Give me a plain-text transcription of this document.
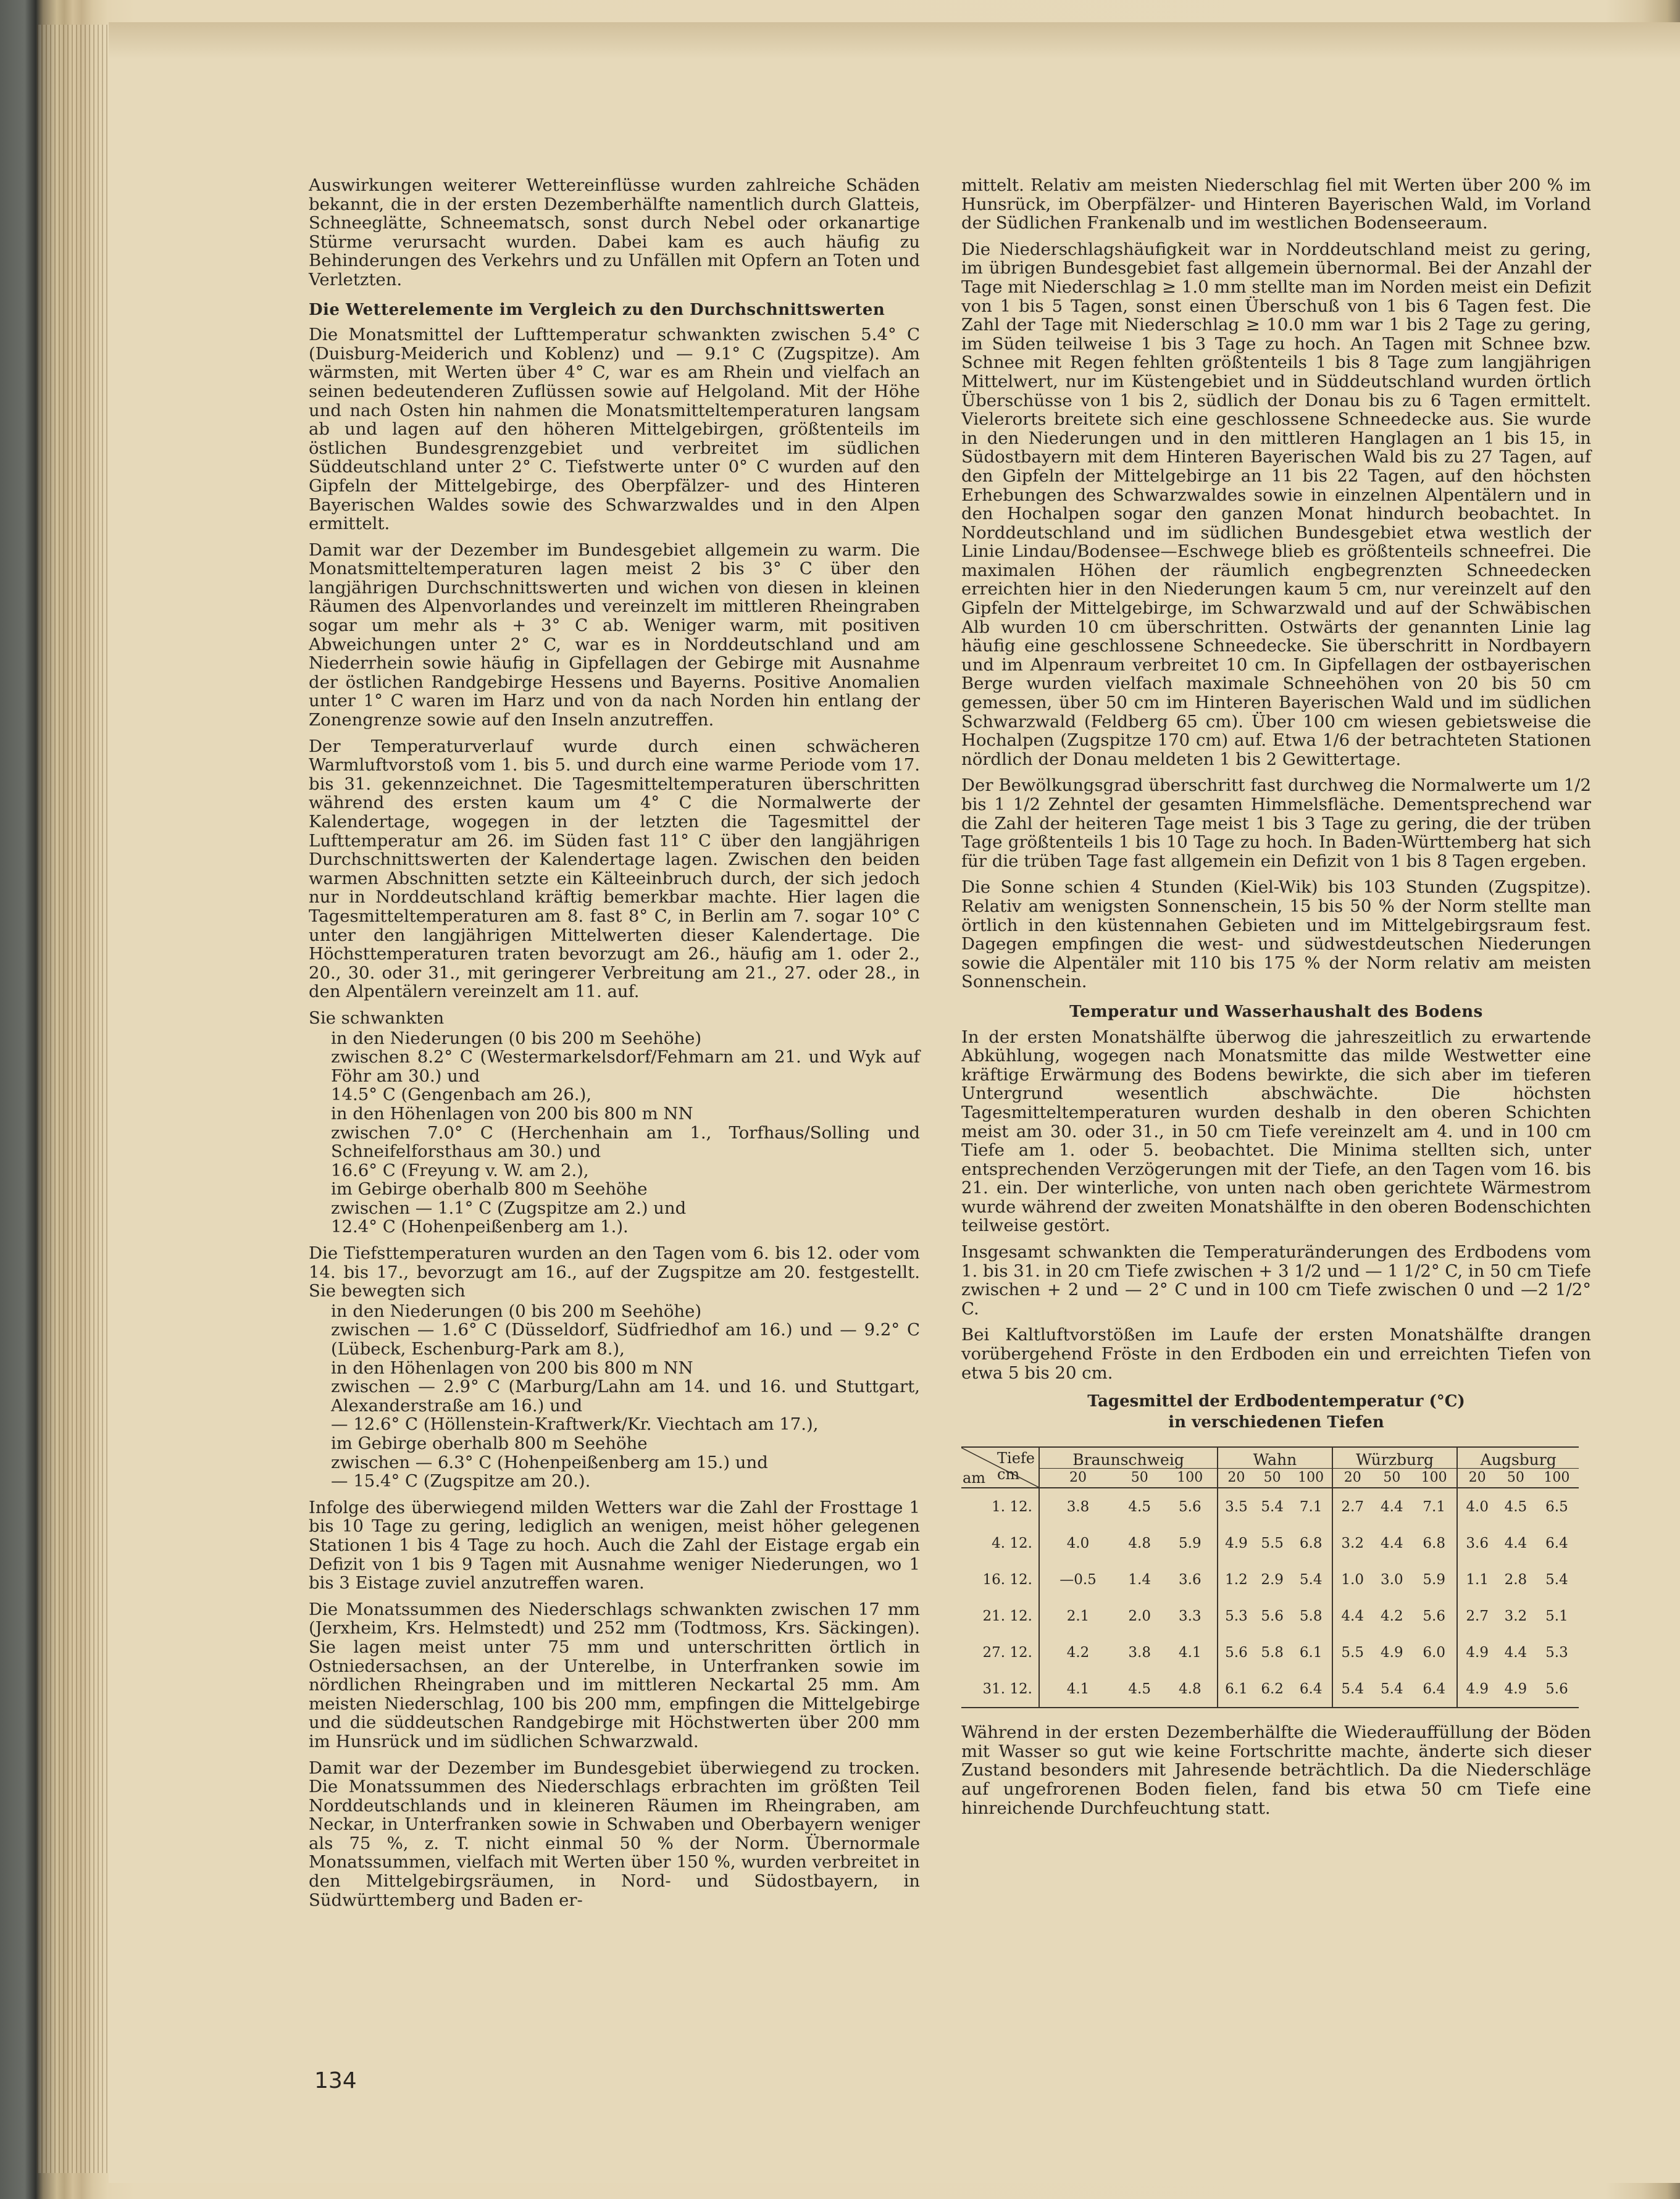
Auswirkungen weiterer Wettereinflüsse wurden zahlreiche Schäden bekannt, die in der ersten Dezemberhälfte namentlich durch Glatteis, Schneeglätte, Schneematsch, sonst durch Nebel oder orkanartige Stürme verursacht wurden. Dabei kam es auch häufig zu Behinderungen des Verkehrs und zu Unfällen mit Opfern an Toten und Verletzten.

Die Wetterelemente im Vergleich zu den Durchschnittswerten

Die Monatsmittel der Lufttemperatur schwankten zwischen 5.4° C (Duisburg-Meiderich und Koblenz) und — 9.1° C (Zugspitze). Am wärmsten, mit Werten über 4° C, war es am Rhein und vielfach an seinen bedeutenderen Zuflüssen sowie auf Helgoland. Mit der Höhe und nach Osten hin nahmen die Monatsmitteltemperaturen langsam ab und lagen auf den höheren Mittelgebirgen, größtenteils im östlichen Bundesgrenzgebiet und verbreitet im südlichen Süddeutschland unter 2° C. Tiefstwerte unter 0° C wurden auf den Gipfeln der Mittelgebirge, des Oberpfälzer- und des Hinteren Bayerischen Waldes sowie des Schwarzwaldes und in den Alpen ermittelt.

Damit war der Dezember im Bundesgebiet allgemein zu warm. Die Monatsmitteltemperaturen lagen meist 2 bis 3° C über den langjährigen Durchschnittswerten und wichen von diesen in kleinen Räumen des Alpenvorlandes und vereinzelt im mittleren Rheingraben sogar um mehr als + 3° C ab. Weniger warm, mit positiven Abweichungen unter 2° C, war es in Norddeutschland und am Niederrhein sowie häufig in Gipfellagen der Gebirge mit Ausnahme der östlichen Randgebirge Hessens und Bayerns. Positive Anomalien unter 1° C waren im Harz und von da nach Norden hin entlang der Zonengrenze sowie auf den Inseln anzutreffen.

Der Temperaturverlauf wurde durch einen schwächeren Warmluftvorstoß vom 1. bis 5. und durch eine warme Periode vom 17. bis 31. gekennzeichnet. Die Tagesmitteltemperaturen überschritten während des ersten kaum um 4° C die Normalwerte der Kalendertage, wogegen in der letzten die Tagesmittel der Lufttemperatur am 26. im Süden fast 11° C über den langjährigen Durchschnittswerten der Kalendertage lagen. Zwischen den beiden warmen Abschnitten setzte ein Kälteeinbruch durch, der sich jedoch nur in Norddeutschland kräftig bemerkbar machte. Hier lagen die Tagesmitteltemperaturen am 8. fast 8° C, in Berlin am 7. sogar 10° C unter den langjährigen Mittelwerten dieser Kalendertage. Die Höchsttemperaturen traten bevorzugt am 26., häufig am 1. oder 2., 20., 30. oder 31., mit geringerer Verbreitung am 21., 27. oder 28., in den Alpentälern vereinzelt am 11. auf.

Sie schwankten

in den Niederungen (0 bis 200 m Seehöhe)
zwischen 8.2° C (Westermarkelsdorf/Fehmarn am 21. und Wyk auf Föhr am 30.) und
14.5° C (Gengenbach am 26.),
in den Höhenlagen von 200 bis 800 m NN
zwischen 7.0° C (Herchenhain am 1., Torfhaus/Solling und Schneifelforsthaus am 30.) und
16.6° C (Freyung v. W. am 2.),
im Gebirge oberhalb 800 m Seehöhe
zwischen — 1.1° C (Zugspitze am 2.) und
12.4° C (Hohenpeißenberg am 1.).

Die Tiefsttemperaturen wurden an den Tagen vom 6. bis 12. oder vom 14. bis 17., bevorzugt am 16., auf der Zugspitze am 20. festgestellt. Sie bewegten sich

in den Niederungen (0 bis 200 m Seehöhe)
zwischen — 1.6° C (Düsseldorf, Südfriedhof am 16.) und — 9.2° C (Lübeck, Eschenburg-Park am 8.),
in den Höhenlagen von 200 bis 800 m NN
zwischen — 2.9° C (Marburg/Lahn am 14. und 16. und Stuttgart, Alexanderstraße am 16.) und
— 12.6° C (Höllenstein-Kraftwerk/Kr. Viechtach am 17.),
im Gebirge oberhalb 800 m Seehöhe
zwischen — 6.3° C (Hohenpeißenberg am 15.) und
— 15.4° C (Zugspitze am 20.).

Infolge des überwiegend milden Wetters war die Zahl der Frosttage 1 bis 10 Tage zu gering, lediglich an wenigen, meist höher gelegenen Stationen 1 bis 4 Tage zu hoch. Auch die Zahl der Eistage ergab ein Defizit von 1 bis 9 Tagen mit Ausnahme weniger Niederungen, wo 1 bis 3 Eistage zuviel anzutreffen waren.

Die Monatssummen des Niederschlags schwankten zwischen 17 mm (Jerxheim, Krs. Helmstedt) und 252 mm (Todtmoss, Krs. Säckingen). Sie lagen meist unter 75 mm und unterschritten örtlich in Ostniedersachsen, an der Unterelbe, in Unterfranken sowie im nördlichen Rheingraben und im mittleren Neckartal 25 mm. Am meisten Niederschlag, 100 bis 200 mm, empfingen die Mittelgebirge und die süddeutschen Randgebirge mit Höchstwerten über 200 mm im Hunsrück und im südlichen Schwarzwald.

Damit war der Dezember im Bundesgebiet überwiegend zu trocken. Die Monatssummen des Niederschlags erbrachten im größten Teil Norddeutschlands und in kleineren Räumen im Rheingraben, am Neckar, in Unterfranken sowie in Schwaben und Oberbayern weniger als 75 %, z. T. nicht einmal 50 % der Norm. Übernormale Monatssummen, vielfach mit Werten über 150 %, wurden verbreitet in den Mittelgebirgsräumen, in Nord- und Südostbayern, in Südwürttemberg und Baden er-

mittelt. Relativ am meisten Niederschlag fiel mit Werten über 200 % im Hunsrück, im Oberpfälzer- und Hinteren Bayerischen Wald, im Vorland der Südlichen Frankenalb und im westlichen Bodenseeraum.

Die Niederschlagshäufigkeit war in Norddeutschland meist zu gering, im übrigen Bundesgebiet fast allgemein übernormal. Bei der Anzahl der Tage mit Niederschlag ≥ 1.0 mm stellte man im Norden meist ein Defizit von 1 bis 5 Tagen, sonst einen Überschuß von 1 bis 6 Tagen fest. Die Zahl der Tage mit Niederschlag ≥ 10.0 mm war 1 bis 2 Tage zu gering, im Süden teilweise 1 bis 3 Tage zu hoch. An Tagen mit Schnee bzw. Schnee mit Regen fehlten größtenteils 1 bis 8 Tage zum langjährigen Mittelwert, nur im Küstengebiet und in Süddeutschland wurden örtlich Überschüsse von 1 bis 2, südlich der Donau bis zu 6 Tagen ermittelt. Vielerorts breitete sich eine geschlossene Schneedecke aus. Sie wurde in den Niederungen und in den mittleren Hanglagen an 1 bis 15, in Südostbayern mit dem Hinteren Bayerischen Wald bis zu 27 Tagen, auf den Gipfeln der Mittelgebirge an 11 bis 22 Tagen, auf den höchsten Erhebungen des Schwarzwaldes sowie in einzelnen Alpentälern und in den Hochalpen sogar den ganzen Monat hindurch beobachtet. In Norddeutschland und im südlichen Bundesgebiet etwa westlich der Linie Lindau/Bodensee—Eschwege blieb es größtenteils schneefrei. Die maximalen Höhen der räumlich engbegrenzten Schneedecken erreichten hier in den Niederungen kaum 5 cm, nur vereinzelt auf den Gipfeln der Mittelgebirge, im Schwarzwald und auf der Schwäbischen Alb wurden 10 cm überschritten. Ostwärts der genannten Linie lag häufig eine geschlossene Schneedecke. Sie überschritt in Nordbayern und im Alpenraum verbreitet 10 cm. In Gipfellagen der ostbayerischen Berge wurden vielfach maximale Schneehöhen von 20 bis 50 cm gemessen, über 50 cm im Hinteren Bayerischen Wald und im südlichen Schwarzwald (Feldberg 65 cm). Über 100 cm wiesen gebietsweise die Hochalpen (Zugspitze 170 cm) auf. Etwa 1/6 der betrachteten Stationen nördlich der Donau meldeten 1 bis 2 Gewittertage.

Der Bewölkungsgrad überschritt fast durchweg die Normalwerte um 1/2 bis 1 1/2 Zehntel der gesamten Himmelsfläche. Dementsprechend war die Zahl der heiteren Tage meist 1 bis 3 Tage zu gering, die der trüben Tage größtenteils 1 bis 10 Tage zu hoch. In Baden-Württemberg hat sich für die trüben Tage fast allgemein ein Defizit von 1 bis 8 Tagen ergeben.

Die Sonne schien 4 Stunden (Kiel-Wik) bis 103 Stunden (Zugspitze). Relativ am wenigsten Sonnenschein, 15 bis 50 % der Norm stellte man örtlich in den küstennahen Gebieten und im Mittelgebirgsraum fest. Dagegen empfingen die west- und südwestdeutschen Niederungen sowie die Alpentäler mit 110 bis 175 % der Norm relativ am meisten Sonnenschein.

Temperatur und Wasserhaushalt des Bodens

In der ersten Monatshälfte überwog die jahreszeitlich zu erwartende Abkühlung, wogegen nach Monatsmitte das milde Westwetter eine kräftige Erwärmung des Bodens bewirkte, die sich aber im tieferen Untergrund wesentlich abschwächte. Die höchsten Tagesmitteltemperaturen wurden deshalb in den oberen Schichten meist am 30. oder 31., in 50 cm Tiefe vereinzelt am 4. und in 100 cm Tiefe am 1. oder 5. beobachtet. Die Minima stellten sich, unter entsprechenden Verzögerungen mit der Tiefe, an den Tagen vom 16. bis 21. ein. Der winterliche, von unten nach oben gerichtete Wärmestrom wurde während der zweiten Monatshälfte in den oberen Bodenschichten teilweise gestört.

Insgesamt schwankten die Temperaturänderungen des Erdbodens vom 1. bis 31. in 20 cm Tiefe zwischen + 3 1/2 und — 1 1/2° C, in 50 cm Tiefe zwischen + 2 und — 2° C und in 100 cm Tiefe zwischen 0 und —2 1/2° C.

Bei Kaltluftvorstößen im Laufe der ersten Monatshälfte drangen vorübergehend Fröste in den Erdboden ein und erreichten Tiefen von etwa 5 bis 20 cm.

Tagesmittel der Erdbodentemperatur (°C)
in verschiedenen Tiefen
Tiefe
cm
am	Braunschweig			Wahn			Würzburg			Augsburg		
	20	50	100	20	50	100	20	50	100	20	50	100
1. 12.	3.8	4.5	5.6	3.5	5.4	7.1	2.7	4.4	7.1	4.0	4.5	6.5
4. 12.	4.0	4.8	5.9	4.9	5.5	6.8	3.2	4.4	6.8	3.6	4.4	6.4
16. 12.	—0.5	1.4	3.6	1.2	2.9	5.4	1.0	3.0	5.9	1.1	2.8	5.4
21. 12.	2.1	2.0	3.3	5.3	5.6	5.8	4.4	4.2	5.6	2.7	3.2	5.1
27. 12.	4.2	3.8	4.1	5.6	5.8	6.1	5.5	4.9	6.0	4.9	4.4	5.3
31. 12.	4.1	4.5	4.8	6.1	6.2	6.4	5.4	5.4	6.4	4.9	4.9	5.6

Während in der ersten Dezemberhälfte die Wiederauffüllung der Böden mit Wasser so gut wie keine Fortschritte machte, änderte sich dieser Zustand besonders mit Jahresende beträchtlich. Da die Niederschläge auf ungefrorenen Boden fielen, fand bis etwa 50 cm Tiefe eine hinreichende Durchfeuchtung statt.

134
